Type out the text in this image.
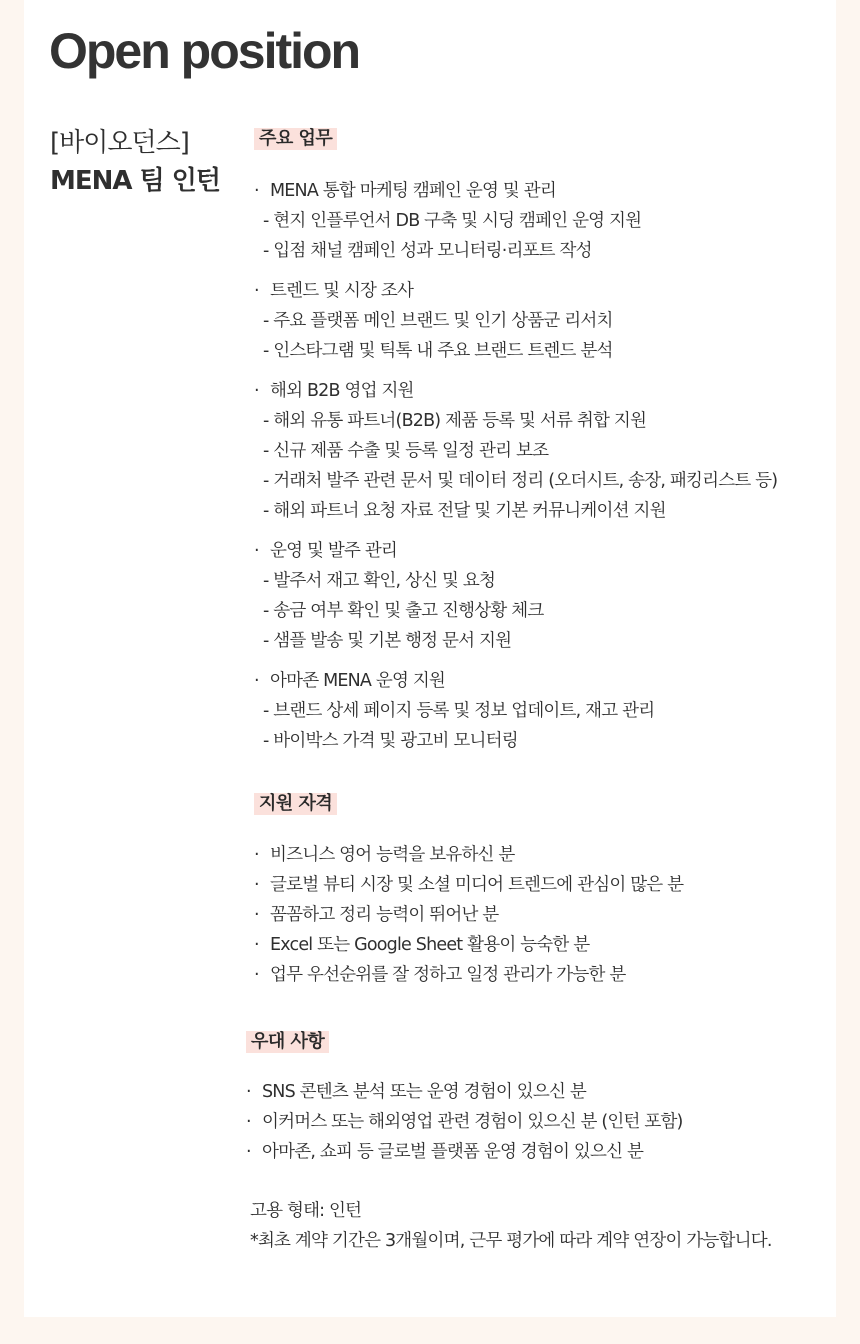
Open position
[바이오던스]
MENA 팀 인턴
주요 업무
· MENA 통합 마케팅 캠페인 운영 및 관리
- 현지 인플루언서 DB 구축 및 시딩 캠페인 운영 지원
- 입점 채널 캠페인 성과 모니터링·리포트 작성
· 트렌드 및 시장 조사
- 주요 플랫폼 메인 브랜드 및 인기 상품군 리서치
- 인스타그램 및 틱톡 내 주요 브랜드 트렌드 분석
· 해외 B2B 영업 지원
- 해외 유통 파트너(B2B) 제품 등록 및 서류 취합 지원
- 신규 제품 수출 및 등록 일정 관리 보조
- 거래처 발주 관련 문서 및 데이터 정리 (오더시트, 송장, 패킹리스트 등)
- 해외 파트너 요청 자료 전달 및 기본 커뮤니케이션 지원
· 운영 및 발주 관리
- 발주서 재고 확인, 상신 및 요청
- 송금 여부 확인 및 출고 진행상황 체크
- 샘플 발송 및 기본 행정 문서 지원
· 아마존 MENA 운영 지원
- 브랜드 상세 페이지 등록 및 정보 업데이트, 재고 관리
- 바이박스 가격 및 광고비 모니터링
지원 자격
· 비즈니스 영어 능력을 보유하신 분
· 글로벌 뷰티 시장 및 소셜 미디어 트렌드에 관심이 많은 분
· 꼼꼼하고 정리 능력이 뛰어난 분
· Excel 또는 Google Sheet 활용이 능숙한 분
· 업무 우선순위를 잘 정하고 일정 관리가 가능한 분
우대 사항
· SNS 콘텐츠 분석 또는 운영 경험이 있으신 분
· 이커머스 또는 해외영업 관련 경험이 있으신 분 (인턴 포함)
· 아마존, 쇼피 등 글로벌 플랫폼 운영 경험이 있으신 분
고용 형태: 인턴
*최초 계약 기간은 3개월이며, 근무 평가에 따라 계약 연장이 가능합니다.
